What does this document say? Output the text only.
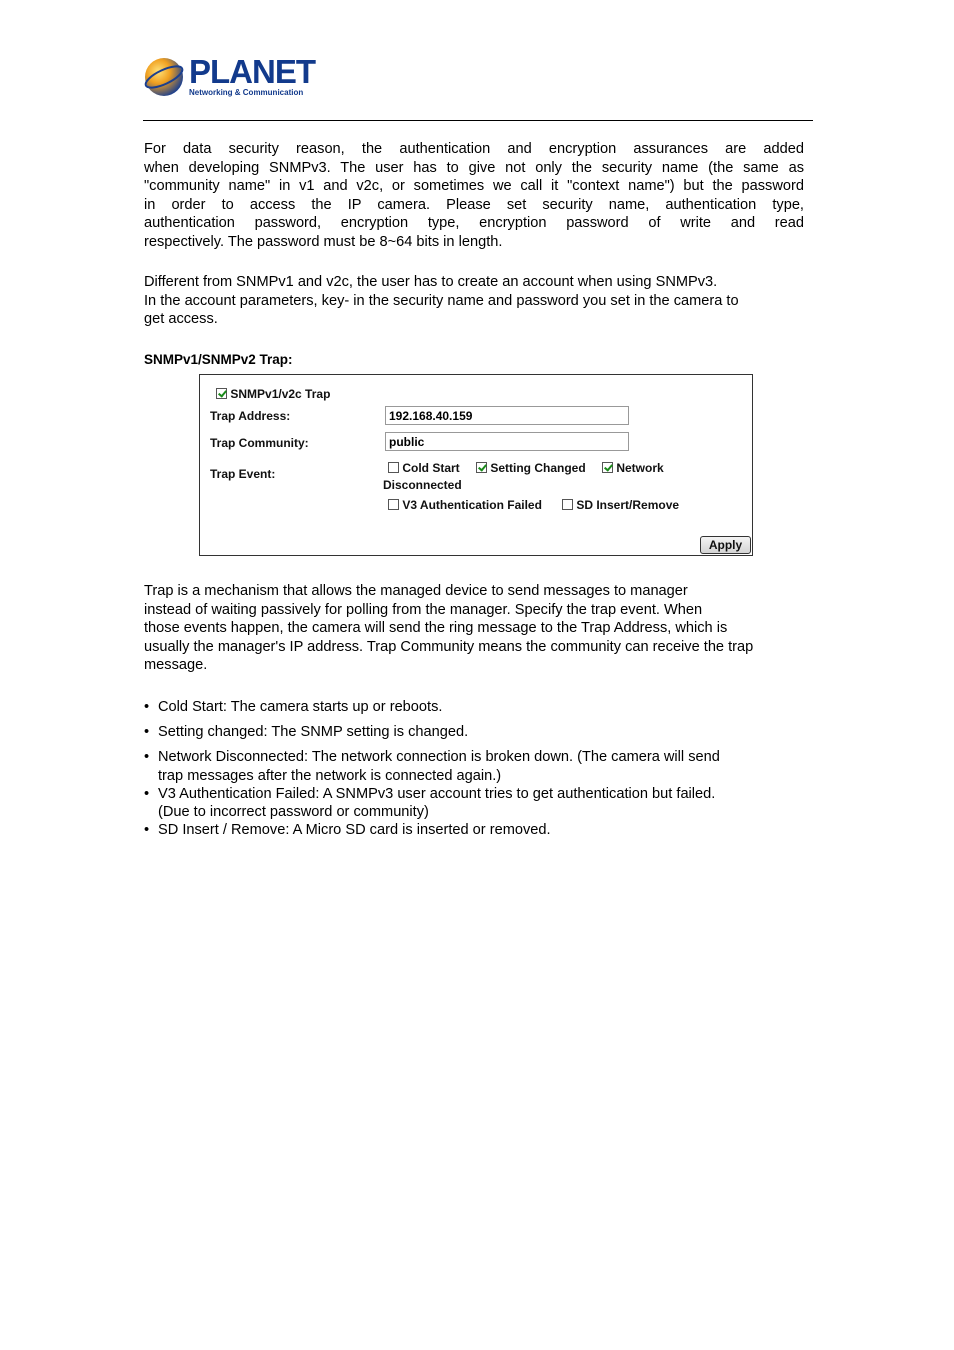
PLANET
Networking & Communication
For data security reason, the authentication and encryption assurances are added
when developing SNMPv3. The user has to give not only the security name (the same as
"community name" in v1 and v2c, or sometimes we call it "context name") but the password
in order to access the IP camera. Please set security name, authentication type,
authentication password, encryption type, encryption password of write and read
respectively. The password must be 8~64 bits in length.
Different from SNMPv1 and v2c, the user has to create an account when using SNMPv3.
In the account parameters, key- in the security name and password you set in the camera to
get access.
SNMPv1/SNMPv2 Trap:
SNMPv1/v2c Trap
Trap Address:
192.168.40.159
Trap Community:
public
Trap Event:	Cold Start	Setting Changed	Network
Disconnected
V3 Authentication Failed	SD Insert/Remove
Apply
Trap is a mechanism that allows the managed device to send messages to manager
instead of waiting passively for polling from the manager. Specify the trap event. When
those events happen, the camera will send the ring message to the Trap Address, which is
usually the manager's IP address. Trap Community means the community can receive the trap
message.
• Cold Start: The camera starts up or reboots.
• Setting changed: The SNMP setting is changed.
• Network Disconnected: The network connection is broken down. (The camera will send
trap messages after the network is connected again.)
• V3 Authentication Failed: A SNMPv3 user account tries to get authentication but failed.
(Due to incorrect password or community)
• SD Insert / Remove: A Micro SD card is inserted or removed.
